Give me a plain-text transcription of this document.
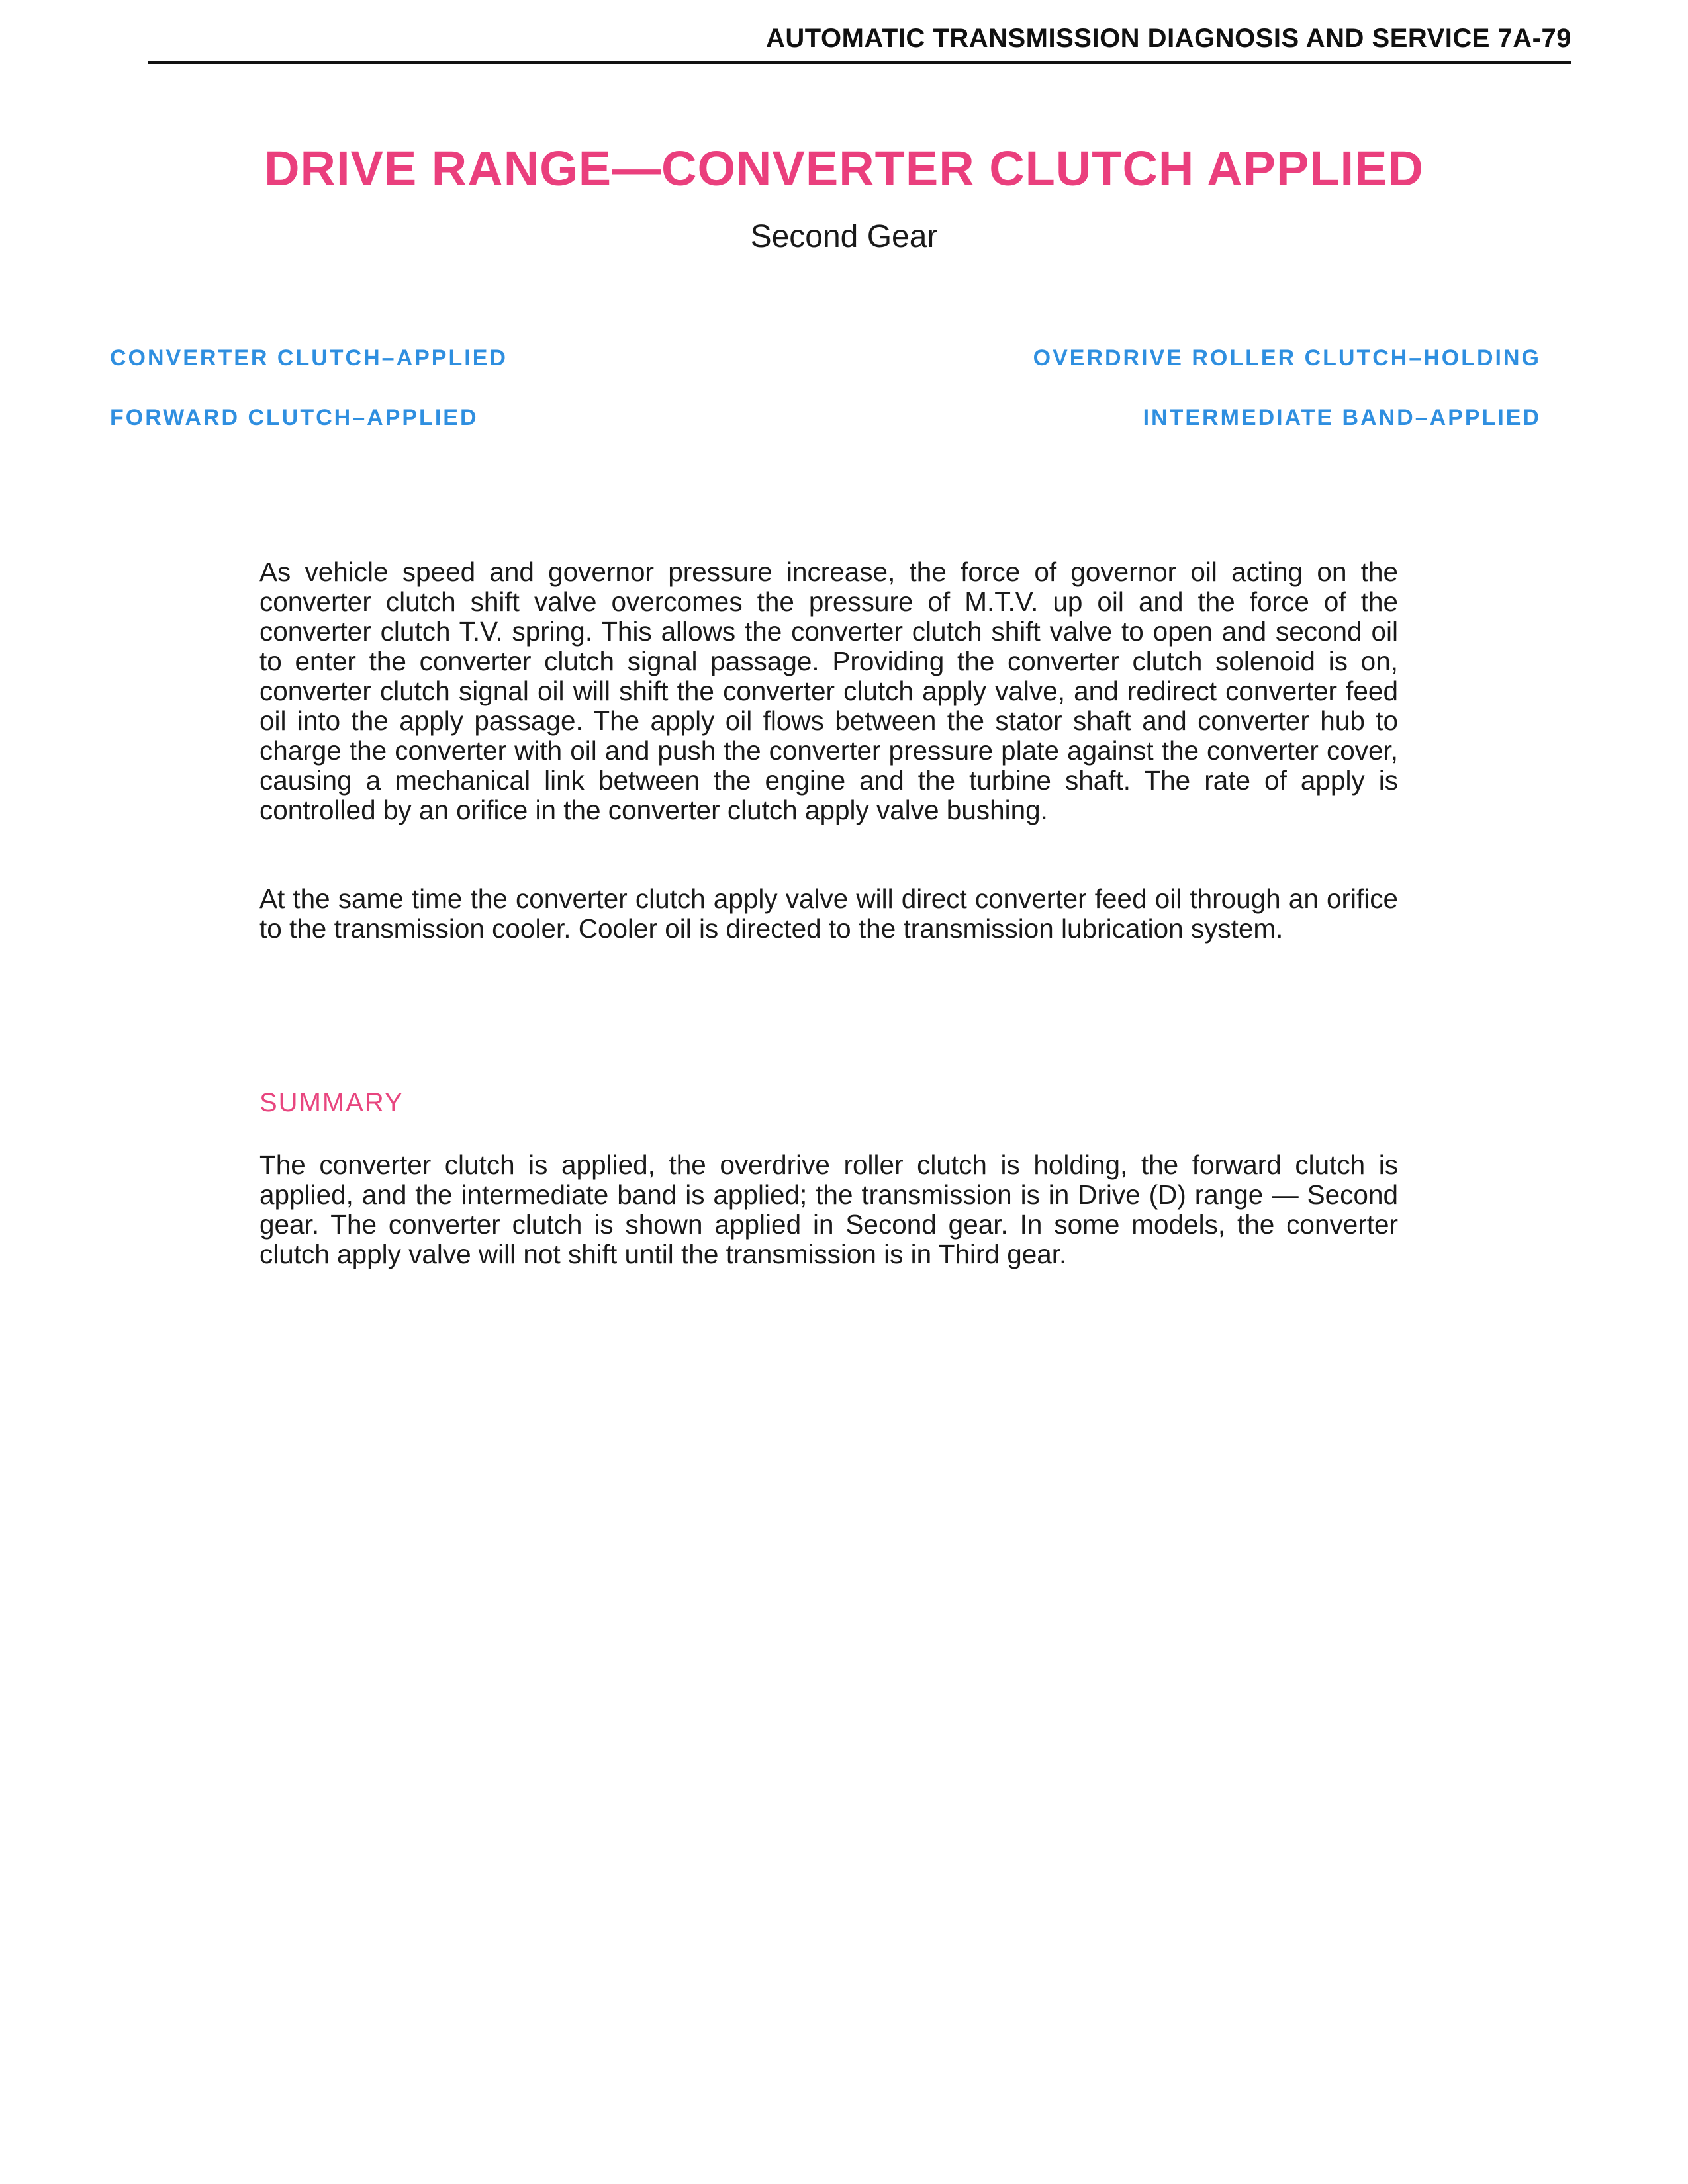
AUTOMATIC TRANSMISSION DIAGNOSIS AND SERVICE 7A-79
DRIVE RANGE—CONVERTER CLUTCH APPLIED
Second Gear
CONVERTER CLUTCH–APPLIED
FORWARD CLUTCH–APPLIED
OVERDRIVE ROLLER CLUTCH–HOLDING
INTERMEDIATE BAND–APPLIED

As vehicle speed and governor pressure increase, the force of governor oil acting on the converter clutch shift valve overcomes the pressure of M.T.V. up oil and the force of the converter clutch T.V. spring. This allows the converter clutch shift valve to open and second oil to enter the converter clutch signal passage. Providing the converter clutch solenoid is on, converter clutch signal oil will shift the converter clutch apply valve, and redirect converter feed oil into the apply passage. The apply oil flows between the stator shaft and converter hub to charge the converter with oil and push the converter pressure plate against the converter cover, causing a mechanical link between the engine and the turbine shaft. The rate of apply is controlled by an orifice in the converter clutch apply valve bushing.

At the same time the converter clutch apply valve will direct converter feed oil through an orifice to the transmission cooler. Cooler oil is directed to the transmission lubrication system.

SUMMARY

The converter clutch is applied, the overdrive roller clutch is holding, the forward clutch is applied, and the intermediate band is applied; the transmission is in Drive (D) range — Second gear. The converter clutch is shown applied in Second gear. In some models, the converter clutch apply valve will not shift until the transmission is in Third gear.
